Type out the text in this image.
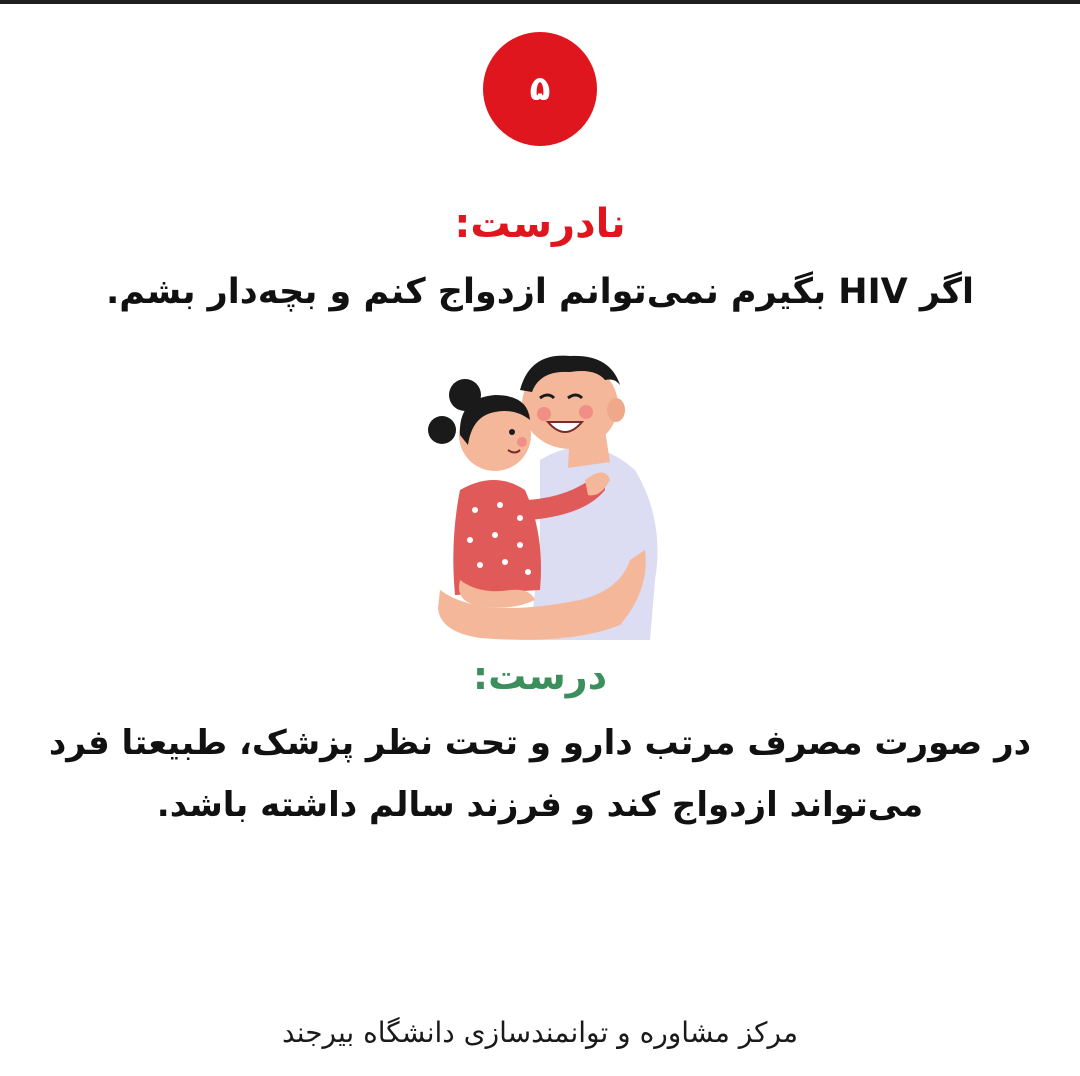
۵
نادرست:
اگر HIV بگیرم نمی‌توانم ازدواج کنم و بچه‌دار بشم.
درست:
در صورت مصرف مرتب دارو و تحت نظر پزشک، طبیعتا فرد می‌تواند ازدواج کند و فرزند سالم داشته باشد.
مرکز مشاوره و توانمندسازی دانشگاه بیرجند
